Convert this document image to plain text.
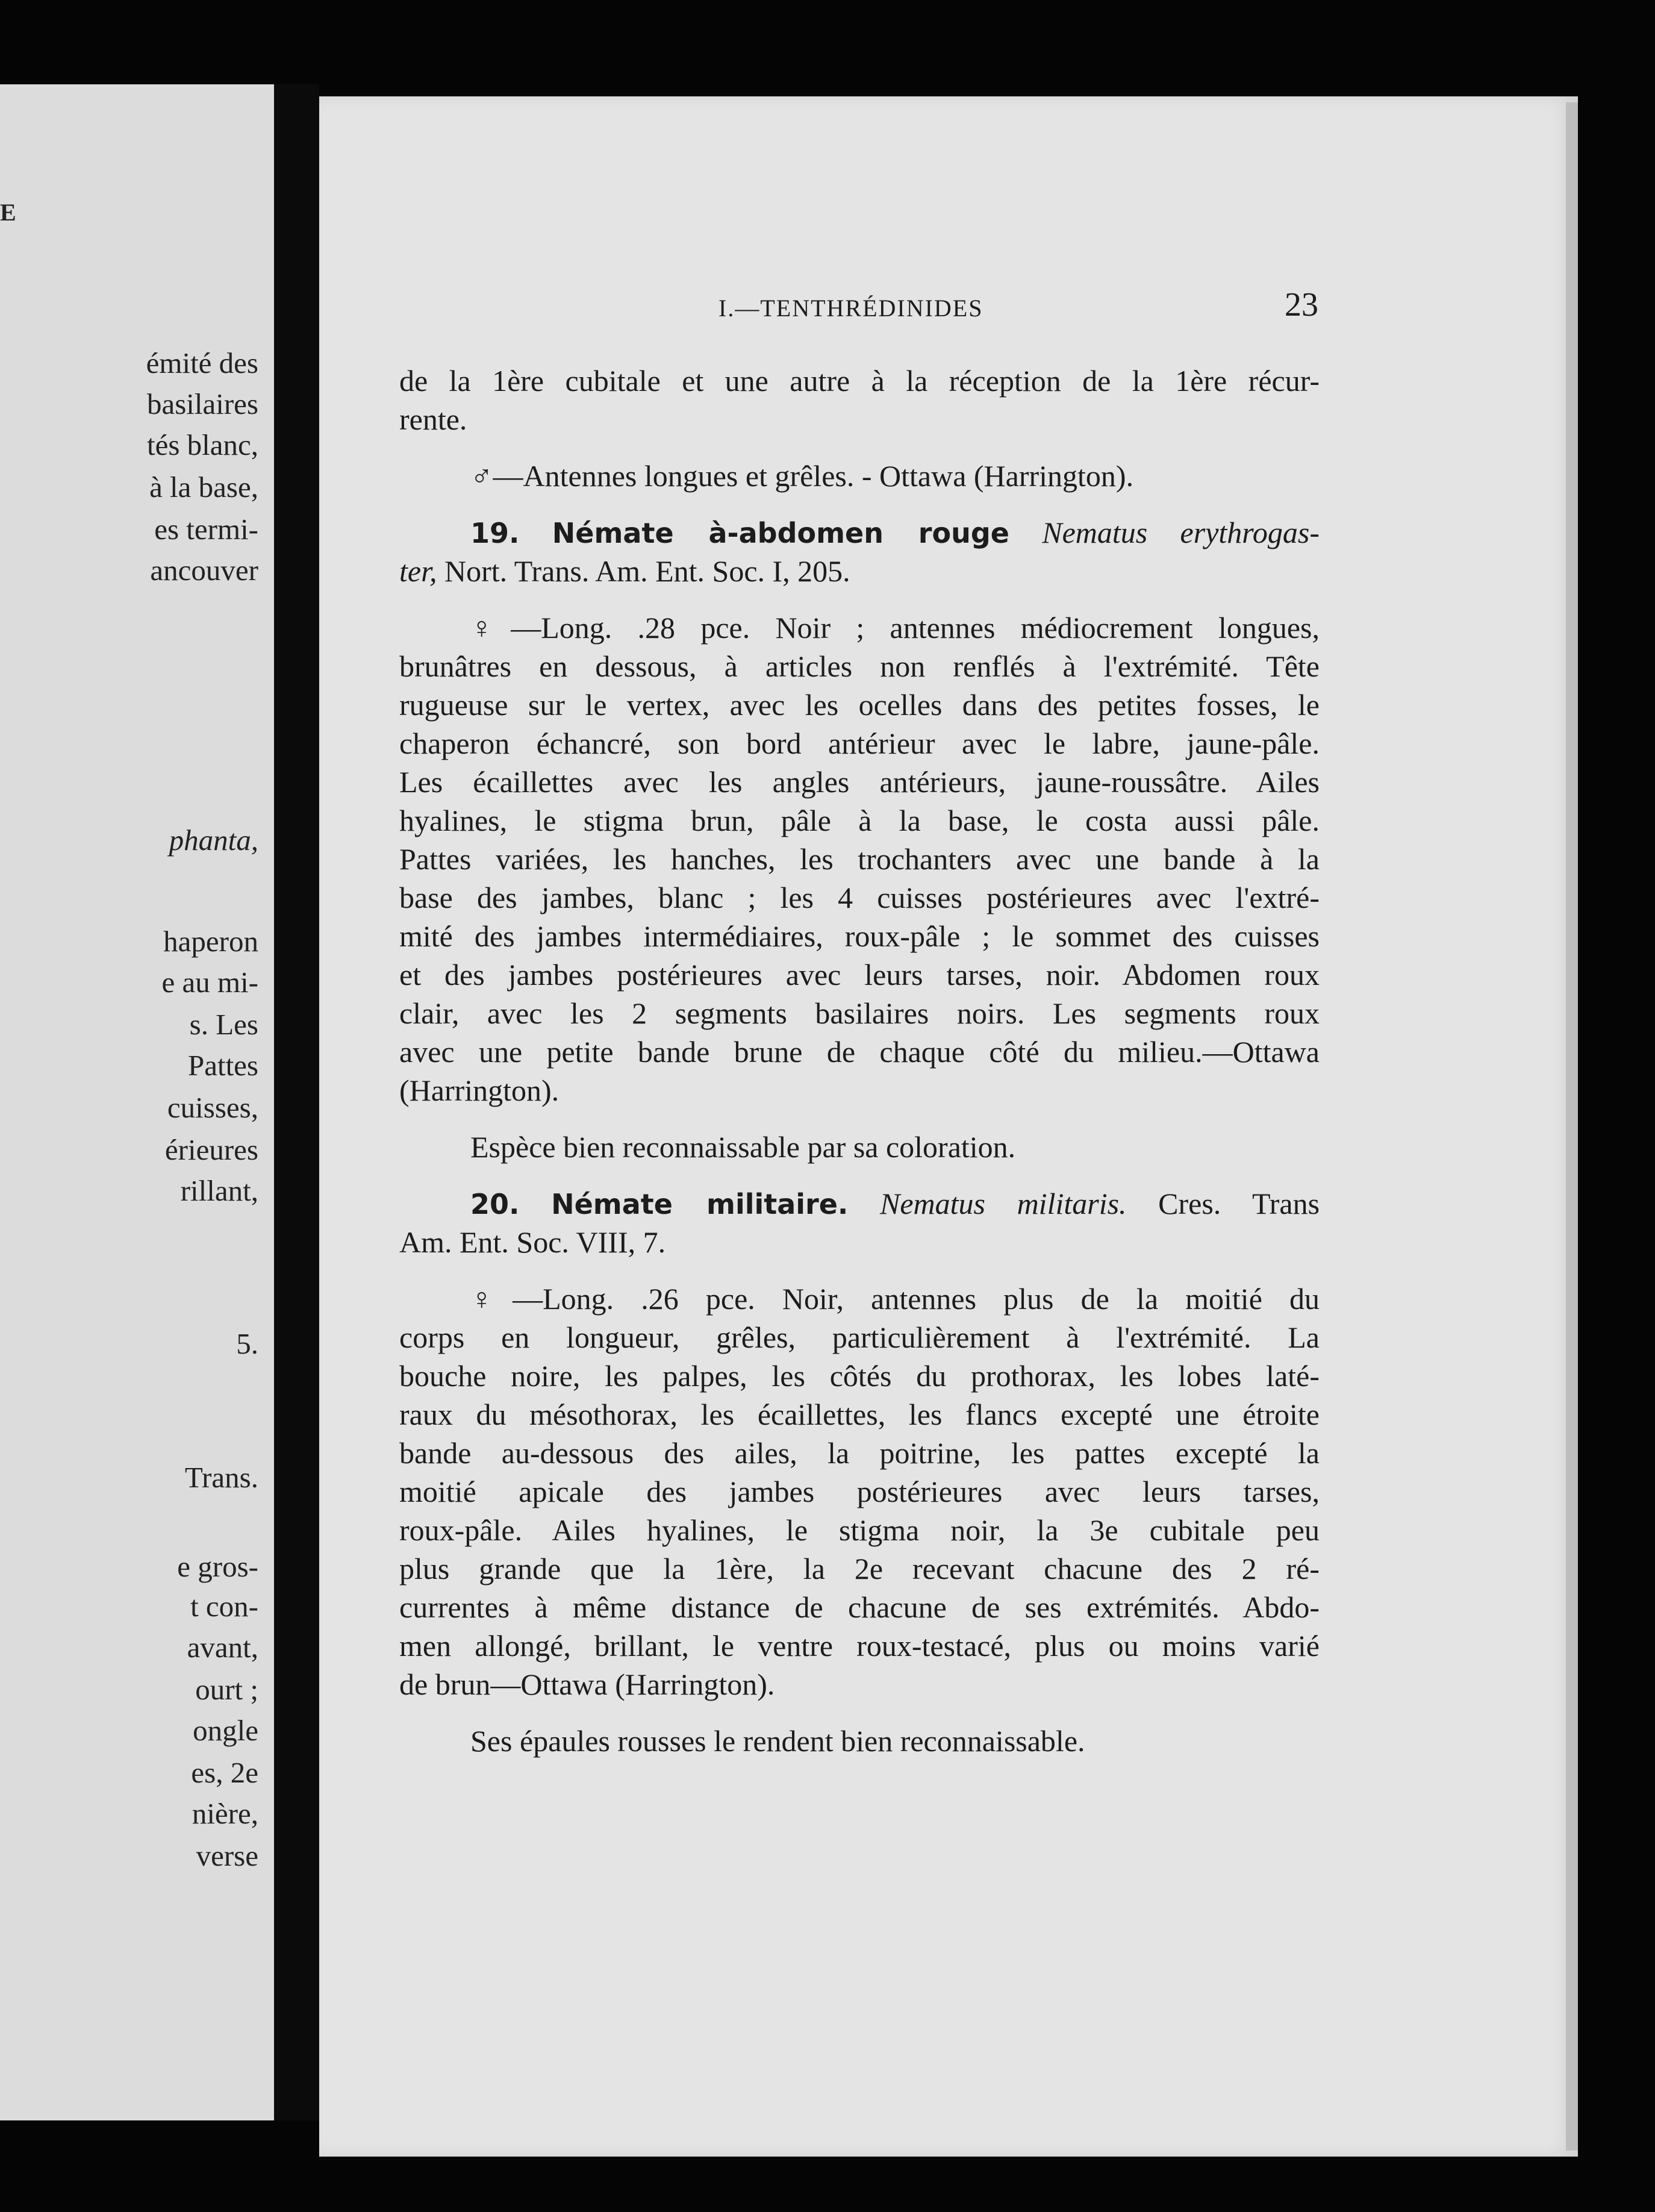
E
émité des
basilaires
tés blanc,
à la base,
es termi-
ancouver
phanta,
haperon
e au mi-
s. Les
Pattes
cuisses,
érieures
rillant,
5.
Trans.
e gros-
t con-
avant,
ourt ;
ongle
es, 2e
nière,
verse
I.—TENTHRÉDINIDES	23
de la 1ère cubitale et une autre à la réception de la 1ère récur-
rente.
♂—Antennes longues et grêles. - Ottawa (Harrington).
19. Némate à-abdomen rouge Nematus erythrogas-
ter, Nort. Trans. Am. Ent. Soc. I, 205.
♀—Long. .28 pce. Noir ; antennes médiocrement longues,
brunâtres en dessous, à articles non renflés à l'extrémité. Tête
rugueuse sur le vertex, avec les ocelles dans des petites fosses, le
chaperon échancré, son bord antérieur avec le labre, jaune-pâle.
Les écaillettes avec les angles antérieurs, jaune-roussâtre. Ailes
hyalines, le stigma brun, pâle à la base, le costa aussi pâle.
Pattes variées, les hanches, les trochanters avec une bande à la
base des jambes, blanc ; les 4 cuisses postérieures avec l'extré-
mité des jambes intermédiaires, roux-pâle ; le sommet des cuisses
et des jambes postérieures avec leurs tarses, noir. Abdomen roux
clair, avec les 2 segments basilaires noirs. Les segments roux
avec une petite bande brune de chaque côté du milieu.—Ottawa
(Harrington).
Espèce bien reconnaissable par sa coloration.
20. Némate militaire. Nematus militaris. Cres. Trans
Am. Ent. Soc. VIII, 7.
♀—Long. .26 pce. Noir, antennes plus de la moitié du
corps en longueur, grêles, particulièrement à l'extrémité. La
bouche noire, les palpes, les côtés du prothorax, les lobes laté-
raux du mésothorax, les écaillettes, les flancs excepté une étroite
bande au-dessous des ailes, la poitrine, les pattes excepté la
moitié apicale des jambes postérieures avec leurs tarses,
roux-pâle. Ailes hyalines, le stigma noir, la 3e cubitale peu
plus grande que la 1ère, la 2e recevant chacune des 2 ré-
currentes à même distance de chacune de ses extrémités. Abdo-
men allongé, brillant, le ventre roux-testacé, plus ou moins varié
de brun—Ottawa (Harrington).
Ses épaules rousses le rendent bien reconnaissable.
